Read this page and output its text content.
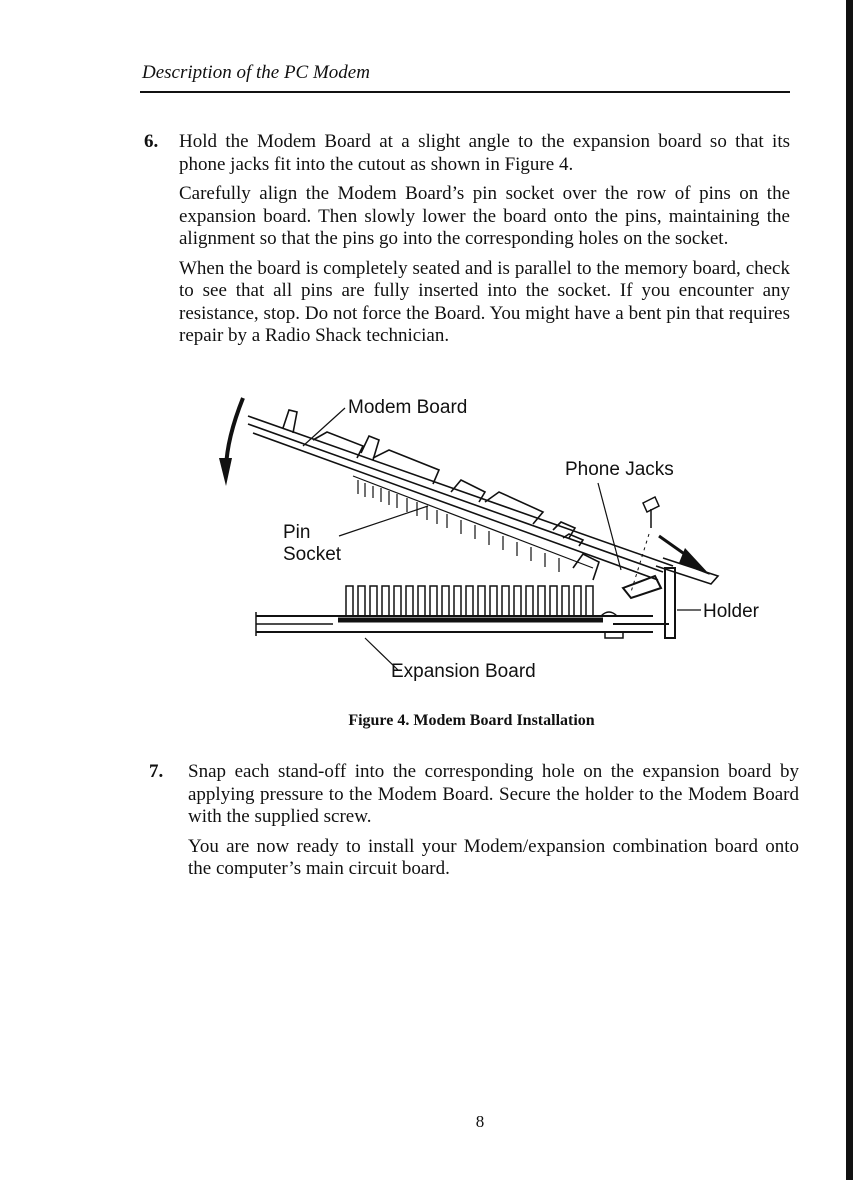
Description of the PC Modem
6. Hold the Modem Board at a slight angle to the expansion board so that its phone jacks fit into the cutout as shown in Figure 4.

Carefully align the Modem Board’s pin socket over the row of pins on the expansion board. Then slowly lower the board onto the pins, maintaining the alignment so that the pins go into the corresponding holes on the socket.

When the board is completely seated and is parallel to the memory board, check to see that all pins are fully inserted into the socket. If you encounter any resistance, stop. Do not force the Board. You might have a bent pin that requires repair by a Radio Shack technician.

Modem Board
Phone Jacks
Pin
Socket
Holder
Expansion Board
Figure 4. Modem Board Installation
7. Snap each stand-off into the corresponding hole on the expansion board by applying pressure to the Modem Board. Secure the holder to the Modem Board with the supplied screw.

You are now ready to install your Modem/expansion combination board onto the computer’s main circuit board.

8
